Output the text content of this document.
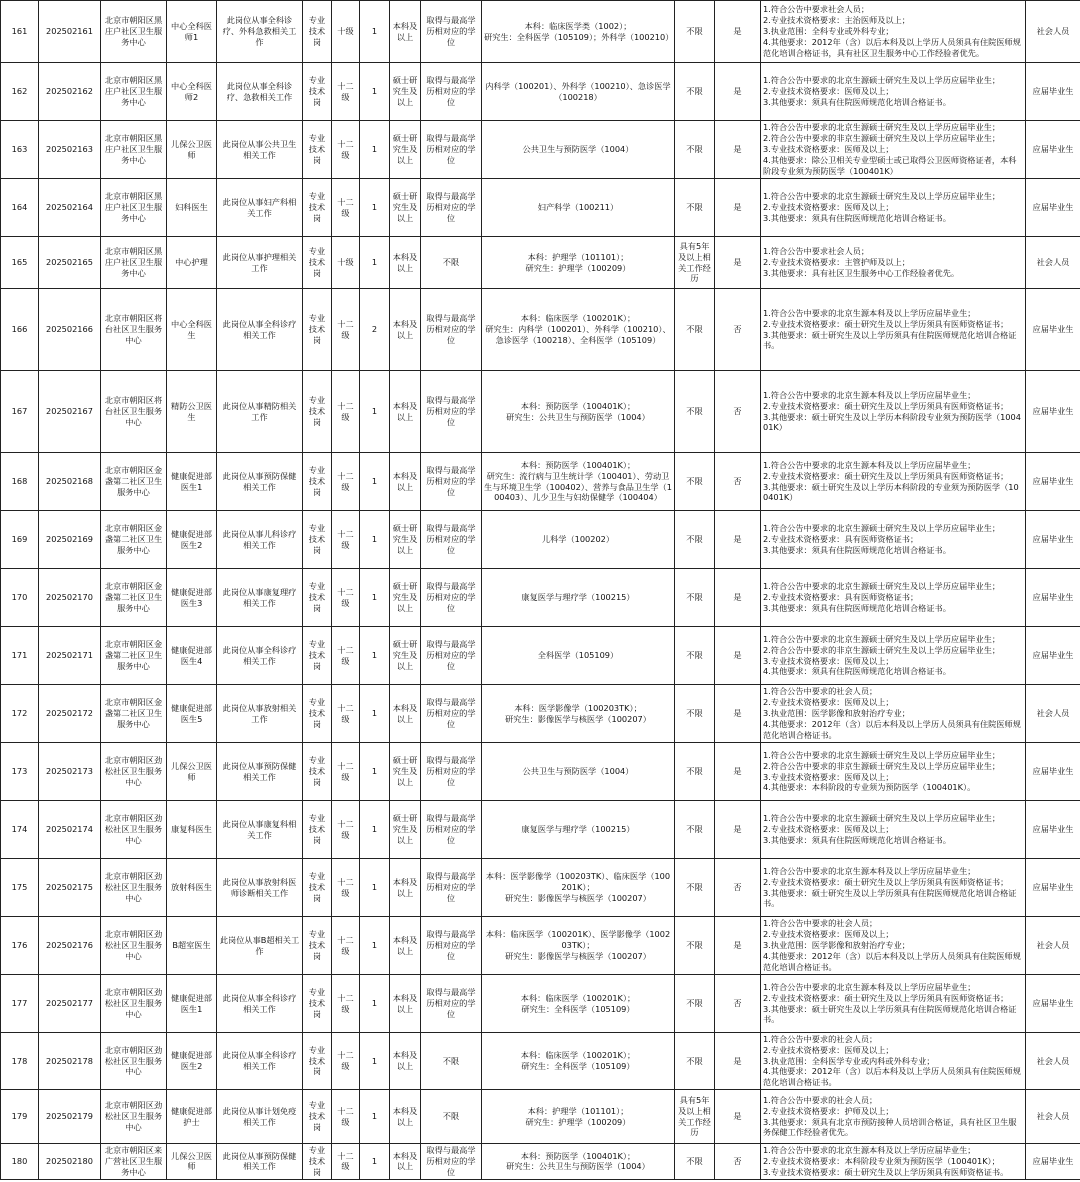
161	202502161	北京市朝阳区黑庄户社区卫生服务中心	中心全科医师1	此岗位从事全科诊疗、外科急救相关工作	专业技术岗	十级	1	本科及以上	取得与最高学历相对应的学位	本科：临床医学类（1002）；
研究生：全科医学（105109）；外科学（100210）	不限	是	1.符合公告中要求社会人员；
2.专业技术资格要求：主治医师及以上；
3.执业范围：全科专业或外科专业；
4.其他要求：2012年（含）以后本科及以上学历人员须具有住院医师规范化培训合格证书，具有社区卫生服务中心工作经验者优先。	社会人员
162	202502162	北京市朝阳区黑庄户社区卫生服务中心	中心全科医师2	此岗位从事全科诊疗、急救相关工作	专业技术岗	十二级	1	硕士研究生及以上	取得与最高学历相对应的学位	内科学（100201）、外科学（100210）、急诊医学（100218）	不限	是	1.符合公告中要求的北京生源硕士研究生及以上学历应届毕业生；
2.专业技术资格要求：医师及以上；
3.其他要求：须具有住院医师规范化培训合格证书。	应届毕业生
163	202502163	北京市朝阳区黑庄户社区卫生服务中心	儿保公卫医师	此岗位从事公共卫生相关工作	专业技术岗	十二级	1	硕士研究生及以上	取得与最高学历相对应的学位	公共卫生与预防医学（1004）	不限	是	1.符合公告中要求的北京生源硕士研究生及以上学历应届毕业生；
2.符合公告中要求的非京生源硕士研究生及以上学历应届毕业生；
3.专业技术资格要求：医师及以上；
4.其他要求：除公卫相关专业型硕士或已取得公卫医师资格证者，本科阶段专业须为预防医学（100401K）	应届毕业生
164	202502164	北京市朝阳区黑庄户社区卫生服务中心	妇科医生	此岗位从事妇产科相关工作	专业技术岗	十二级	1	硕士研究生及以上	取得与最高学历相对应的学位	妇产科学（100211）	不限	是	1.符合公告中要求的北京生源硕士研究生及以上学历应届毕业生；
2.专业技术资格要求：医师及以上；
3.其他要求：须具有住院医师规范化培训合格证书。	应届毕业生
165	202502165	北京市朝阳区黑庄户社区卫生服务中心	中心护理	此岗位从事护理相关工作	专业技术岗	十级	1	本科及以上	不限	本科：护理学（101101）；
研究生：护理学（100209）	具有5年及以上相关工作经历	是	1.符合公告中要求社会人员；
2.专业技术资格要求：主管护师及以上；
3.其他要求：具有社区卫生服务中心工作经验者优先。	社会人员
166	202502166	北京市朝阳区将台社区卫生服务中心	中心全科医生	此岗位从事全科诊疗相关工作	专业技术岗	十二级	2	本科及以上	取得与最高学历相对应的学位	本科：临床医学（100201K）；
研究生：内科学（100201）、外科学（100210）、急诊医学（100218）、全科医学（105109）	不限	否	1.符合公告中要求的北京生源本科及以上学历应届毕业生；
2.专业技术资格要求：硕士研究生及以上学历须具有医师资格证书；
3.其他要求：硕士研究生及以上学历须具有住院医师规范化培训合格证书。	应届毕业生
167	202502167	北京市朝阳区将台社区卫生服务中心	精防公卫医生	此岗位从事精防相关工作	专业技术岗	十二级	1	本科及以上	取得与最高学历相对应的学位	本科：预防医学（100401K）；
研究生：公共卫生与预防医学（1004）	不限	否	1.符合公告中要求的北京生源本科及以上学历应届毕业生；
2.专业技术资格要求：硕士研究生及以上学历须具有医师资格证书；
3.其他要求：硕士研究生及以上学历本科阶段专业须为预防医学（100401K）	应届毕业生
168	202502168	北京市朝阳区金盏第二社区卫生服务中心	健康促进部医生1	此岗位从事预防保健相关工作	专业技术岗	十二级	1	本科及以上	取得与最高学历相对应的学位	本科：预防医学（100401K）；
研究生：流行病与卫生统计学（100401）、劳动卫生与环境卫生学（100402）、营养与食品卫生学（100403）、儿少卫生与妇幼保健学（100404）	不限	否	1.符合公告中要求的北京生源本科及以上学历应届毕业生；
2.专业技术资格要求：硕士研究生及以上学历须具有医师资格证书；
3.其他要求：硕士研究生及以上学历本科阶段的专业须为预防医学（100401K）	应届毕业生
169	202502169	北京市朝阳区金盏第二社区卫生服务中心	健康促进部医生2	此岗位从事儿科诊疗相关工作	专业技术岗	十二级	1	硕士研究生及以上	取得与最高学历相对应的学位	儿科学（100202）	不限	是	1.符合公告中要求的北京生源硕士研究生及以上学历应届毕业生；
2.专业技术资格要求：具有医师资格证书；
3.其他要求：须具有住院医师规范化培训合格证书。	应届毕业生
170	202502170	北京市朝阳区金盏第二社区卫生服务中心	健康促进部医生3	此岗位从事康复理疗相关工作	专业技术岗	十二级	1	硕士研究生及以上	取得与最高学历相对应的学位	康复医学与理疗学（100215）	不限	是	1.符合公告中要求的北京生源硕士研究生及以上学历应届毕业生；
2.专业技术资格要求：具有医师资格证书；
3.其他要求：须具有住院医师规范化培训合格证书。	应届毕业生
171	202502171	北京市朝阳区金盏第二社区卫生服务中心	健康促进部医生4	此岗位从事全科诊疗相关工作	专业技术岗	十二级	1	硕士研究生及以上	取得与最高学历相对应的学位	全科医学（105109）	不限	是	1.符合公告中要求的北京生源硕士研究生及以上学历应届毕业生；
2.符合公告中要求的非京生源硕士研究生及以上学历应届毕业生；
3.专业技术资格要求：医师及以上；
4.其他要求：须具有住院医师规范化培训合格证书。	应届毕业生
172	202502172	北京市朝阳区金盏第二社区卫生服务中心	健康促进部医生5	此岗位从事放射相关工作	专业技术岗	十二级	1	本科及以上	取得与最高学历相对应的学位	本科：医学影像学（100203TK）；
研究生：影像医学与核医学（100207）	不限	是	1.符合公告中要求的社会人员；
2.专业技术资格要求：医师及以上；
3.执业范围：医学影像和放射治疗专业；
4.其他要求：2012年（含）以后本科及以上学历人员须具有住院医师规范化培训合格证书。	社会人员
173	202502173	北京市朝阳区劲松社区卫生服务中心	儿保公卫医师	此岗位从事预防保健相关工作	专业技术岗	十二级	1	硕士研究生及以上	取得与最高学历相对应的学位	公共卫生与预防医学（1004）	不限	是	1.符合公告中要求的北京生源硕士研究生及以上学历应届毕业生；
2.符合公告中要求的非京生源硕士研究生及以上学历应届毕业生；
3.专业技术资格要求：医师及以上；
4.其他要求：本科阶段的专业须为预防医学（100401K）。	应届毕业生
174	202502174	北京市朝阳区劲松社区卫生服务中心	康复科医生	此岗位从事康复科相关工作	专业技术岗	十二级	1	硕士研究生及以上	取得与最高学历相对应的学位	康复医学与理疗学（100215）	不限	是	1.符合公告中要求的北京生源硕士研究生及以上学历应届毕业生；
2.专业技术资格要求：医师及以上；
3.其他要求：须具有住院医师规范化培训合格证书。	应届毕业生
175	202502175	北京市朝阳区劲松社区卫生服务中心	放射科医生	此岗位从事放射科医师诊断相关工作	专业技术岗	十二级	1	本科及以上	取得与最高学历相对应的学位	本科：医学影像学（100203TK）、临床医学（100201K）；
研究生：影像医学与核医学（100207）	不限	否	1.符合公告中要求的北京生源本科及以上学历应届毕业生；
2.专业技术资格要求：硕士研究生及以上学历须具有医师资格证书；
3.其他要求：硕士研究生及以上学历须具有住院医师规范化培训合格证书。	应届毕业生
176	202502176	北京市朝阳区劲松社区卫生服务中心	B超室医生	此岗位从事B超相关工作	专业技术岗	十二级	1	本科及以上	取得与最高学历相对应的学位	本科：临床医学（100201K）、医学影像学（100203TK）；
研究生：影像医学与核医学（100207）	不限	是	1.符合公告中要求的社会人员；
2.专业技术资格要求：医师及以上；
3.执业范围：医学影像和放射治疗专业；
4.其他要求：2012年（含）以后本科及以上学历人员须具有住院医师规范化培训合格证书。	社会人员
177	202502177	北京市朝阳区劲松社区卫生服务中心	健康促进部医生1	此岗位从事全科诊疗相关工作	专业技术岗	十二级	1	本科及以上	取得与最高学历相对应的学位	本科：临床医学（100201K）；
研究生：全科医学（105109）	不限	否	1.符合公告中要求的北京生源本科及以上学历应届毕业生；
2.专业技术资格要求：硕士研究生及以上学历须具有医师资格证书；
3.其他要求：硕士研究生及以上学历须具有住院医师规范化培训合格证书。	应届毕业生
178	202502178	北京市朝阳区劲松社区卫生服务中心	健康促进部医生2	此岗位从事全科诊疗相关工作	专业技术岗	十二级	1	本科及以上	不限	本科：临床医学（100201K）；
研究生：全科医学（105109）	不限	是	1.符合公告中要求的社会人员；
2.专业技术资格要求：医师及以上；
3.执业范围：全科医学专业或内科或外科专业；
4.其他要求：2012年（含）以后本科及以上学历人员须具有住院医师规范化培训合格证书。	社会人员
179	202502179	北京市朝阳区劲松社区卫生服务中心	健康促进部护士	此岗位从事计划免疫相关工作	专业技术岗	十二级	1	本科及以上	不限	本科：护理学（101101）；
研究生：护理学（100209）	具有5年及以上相关工作经历	是	1.符合公告中要求的社会人员；
2.专业技术资格要求：护师及以上；
3.其他要求：须具有北京市预防接种人员培训合格证，具有社区卫生服务保健工作经验者优先。	社会人员
180	202502180	北京市朝阳区来广营社区卫生服务中心	儿保公卫医师	此岗位从事预防保健相关工作	专业技术岗	十二级	1	本科及以上	取得与最高学历相对应的学位	本科：预防医学（100401K）；
研究生：公共卫生与预防医学（1004）	不限	否	1.符合公告中要求的北京生源本科及以上学历应届毕业生；
2.专业技术资格要求：本科阶段专业须为预防医学（100401K）；
3.专业技术资格要求：硕士研究生及以上学历须具有医师资格证书。	应届毕业生
